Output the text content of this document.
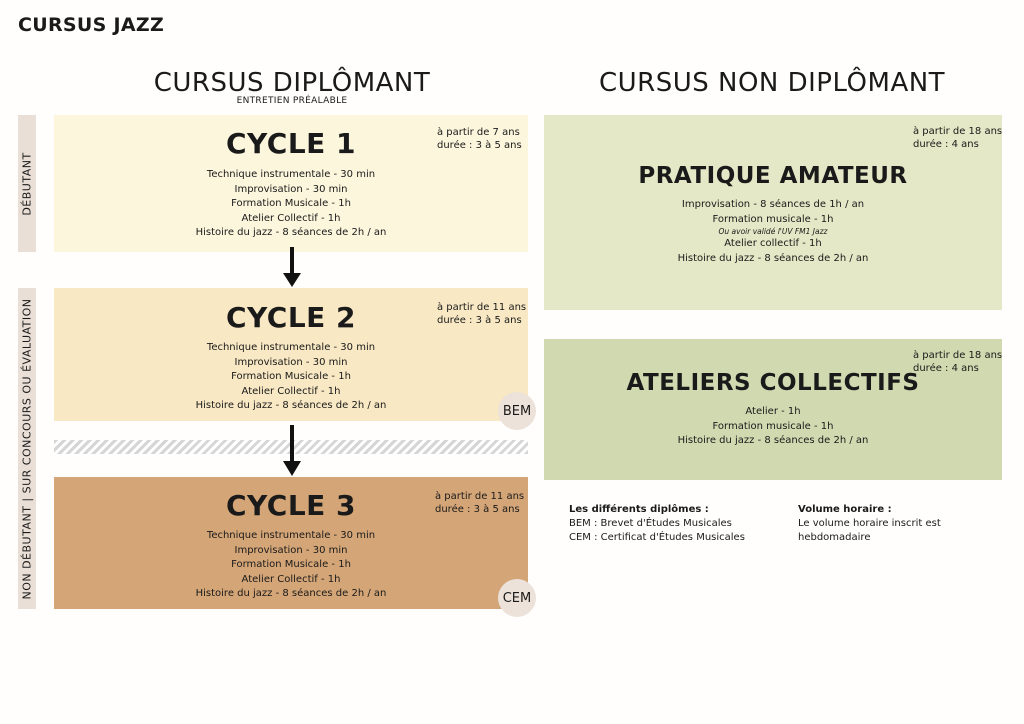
CURSUS JAZZ
CURSUS DIPLÔMANT
ENTRETIEN PRÉALABLE
CURSUS NON DIPLÔMANT
DÉBUTANT
NON DÉBUTANT | SUR CONCOURS OU ÉVALUATION
CYCLE 1	à partir de 7 ans
durée : 3 à 5 ans
Technique instrumentale - 30 min
Improvisation - 30 min
Formation Musicale - 1h
Atelier Collectif - 1h
Histoire du jazz - 8 séances de 2h / an
CYCLE 2	à partir de 11 ans
durée : 3 à 5 ans
Technique instrumentale - 30 min
Improvisation - 30 min
Formation Musicale - 1h
Atelier Collectif - 1h
Histoire du jazz - 8 séances de 2h / an	BEM
CYCLE 3	à partir de 11 ans
durée : 3 à 5 ans
Technique instrumentale - 30 min
Improvisation - 30 min
Formation Musicale - 1h
Atelier Collectif - 1h
Histoire du jazz - 8 séances de 2h / an	CEM
à partir de 18 ans
durée : 4 ans
PRATIQUE AMATEUR
Improvisation - 8 séances de 1h / an
Formation musicale - 1h
Ou avoir validé l'UV FM1 Jazz
Atelier collectif - 1h
Histoire du jazz - 8 séances de 2h / an
à partir de 18 ans
durée : 4 ans
ATELIERS COLLECTIFS
Atelier - 1h
Formation musicale - 1h
Histoire du jazz - 8 séances de 2h / an
Les différents diplômes :
BEM : Brevet d'Études Musicales
CEM : Certificat d'Études Musicales
Volume horaire :
Le volume horaire inscrit est
hebdomadaire
